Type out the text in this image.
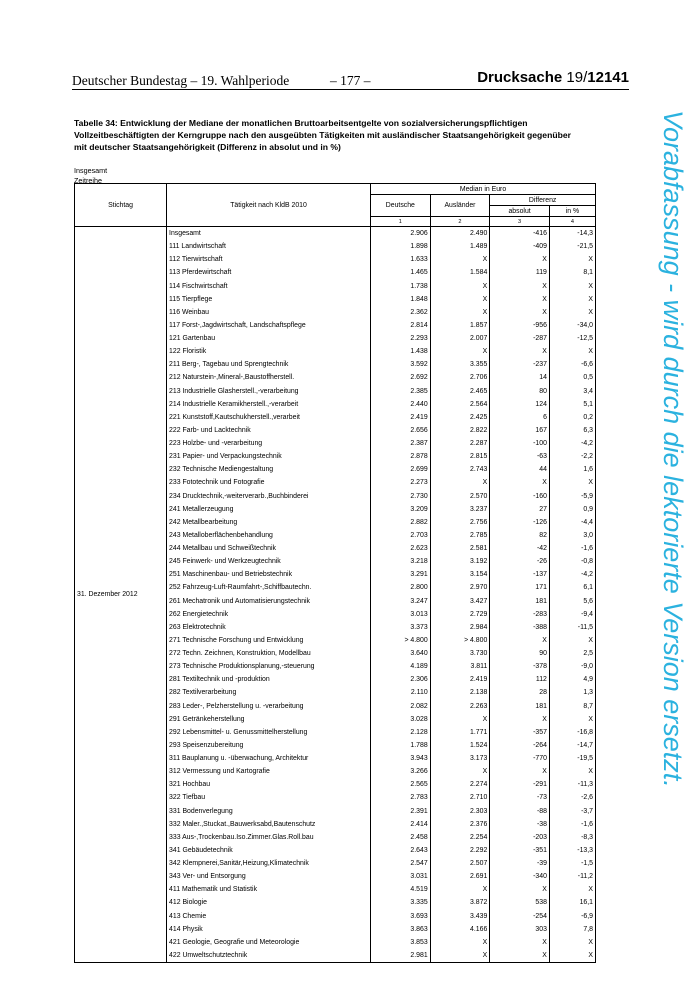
Deutscher Bundestag – 19. Wahlperiode	– 177 –	Drucksache 19/12141
Tabelle 34: Entwicklung der Mediane der monatlichen Bruttoarbeitsentgelte von sozialversicherungspflichtigen Vollzeitbeschäftigten der Kerngruppe nach den ausgeübten Tätigkeiten mit ausländischer Staatsangehörigkeit gegenüber mit deutscher Staatsangehörigkeit (Differenz in absolut und in %)
Insgesamt
Zeitreihe	Vorabfassung - wird durch die lektorierte Version ersetzt.
Stichtag	Tätigkeit nach KldB 2010	Median in Euro			
		Deutsche	Ausländer	Differenz	
				absolut	in %
		1	2	3	4
31. Dezember 2012	Insgesamt	2.906	2.490	-416	-14,3
	111 Landwirtschaft	1.898	1.489	-409	-21,5
	112 Tierwirtschaft	1.633	X	X	X
	113 Pferdewirtschaft	1.465	1.584	119	8,1
	114 Fischwirtschaft	1.738	X	X	X
	115 Tierpflege	1.848	X	X	X
	116 Weinbau	2.362	X	X	X
	117 Forst-,Jagdwirtschaft, Landschaftspflege	2.814	1.857	-956	-34,0
	121 Gartenbau	2.293	2.007	-287	-12,5
	122 Floristik	1.438	X	X	X
	211 Berg-, Tagebau und Sprengtechnik	3.592	3.355	-237	-6,6
	212 Naturstein-,Mineral-,Baustoffherstell.	2.692	2.706	14	0,5
	213 Industrielle Glasherstell.,-verarbeitung	2.385	2.465	80	3,4
	214 Industrielle Keramikherstell.,-verarbeit	2.440	2.564	124	5,1
	221 Kunststoff,Kautschukherstell.,verarbeit	2.419	2.425	6	0,2
	222 Farb- und Lacktechnik	2.656	2.822	167	6,3
	223 Holzbe- und -verarbeitung	2.387	2.287	-100	-4,2
	231 Papier- und Verpackungstechnik	2.878	2.815	-63	-2,2
	232 Technische Mediengestaltung	2.699	2.743	44	1,6
	233 Fototechnik und Fotografie	2.273	X	X	X
	234 Drucktechnik,-weiterverarb.,Buchbinderei	2.730	2.570	-160	-5,9
	241 Metallerzeugung	3.209	3.237	27	0,9
	242 Metallbearbeitung	2.882	2.756	-126	-4,4
	243 Metalloberflächenbehandlung	2.703	2.785	82	3,0
	244 Metallbau und Schweißtechnik	2.623	2.581	-42	-1,6
	245 Feinwerk- und Werkzeugtechnik	3.218	3.192	-26	-0,8
	251 Maschinenbau- und Betriebstechnik	3.291	3.154	-137	-4,2
	252 Fahrzeug-Luft-Raumfahrt-,Schiffbautechn.	2.800	2.970	171	6,1
	261 Mechatronik und Automatisierungstechnik	3.247	3.427	181	5,6
	262 Energietechnik	3.013	2.729	-283	-9,4
	263 Elektrotechnik	3.373	2.984	-388	-11,5
	271 Technische Forschung und Entwicklung	> 4.800	> 4.800	X	X
	272 Techn. Zeichnen, Konstruktion, Modellbau	3.640	3.730	90	2,5
	273 Technische Produktionsplanung,-steuerung	4.189	3.811	-378	-9,0
	281 Textiltechnik und -produktion	2.306	2.419	112	4,9
	282 Textilverarbeitung	2.110	2.138	28	1,3
	283 Leder-, Pelzherstellung u. -verarbeitung	2.082	2.263	181	8,7
	291 Getränkeherstellung	3.028	X	X	X
	292 Lebensmittel- u. Genussmittelherstellung	2.128	1.771	-357	-16,8
	293 Speisenzubereitung	1.788	1.524	-264	-14,7
	311 Bauplanung u. -überwachung, Architektur	3.943	3.173	-770	-19,5
	312 Vermessung und Kartografie	3.266	X	X	X
	321 Hochbau	2.565	2.274	-291	-11,3
	322 Tiefbau	2.783	2.710	-73	-2,6
	331 Bodenverlegung	2.391	2.303	-88	-3,7
	332 Maler.,Stuckat.,Bauwerksabd,Bautenschutz	2.414	2.376	-38	-1,6
	333 Aus-,Trockenbau.Iso.Zimmer.Glas.Roll.bau	2.458	2.254	-203	-8,3
	341 Gebäudetechnik	2.643	2.292	-351	-13,3
	342 Klempnerei,Sanitär,Heizung,Klimatechnik	2.547	2.507	-39	-1,5
	343 Ver- und Entsorgung	3.031	2.691	-340	-11,2
	411 Mathematik und Statistik	4.519	X	X	X
	412 Biologie	3.335	3.872	538	16,1
	413 Chemie	3.693	3.439	-254	-6,9
	414 Physik	3.863	4.166	303	7,8
	421 Geologie, Geografie und Meteorologie	3.853	X	X	X
	422 Umweltschutztechnik	2.981	X	X	X
